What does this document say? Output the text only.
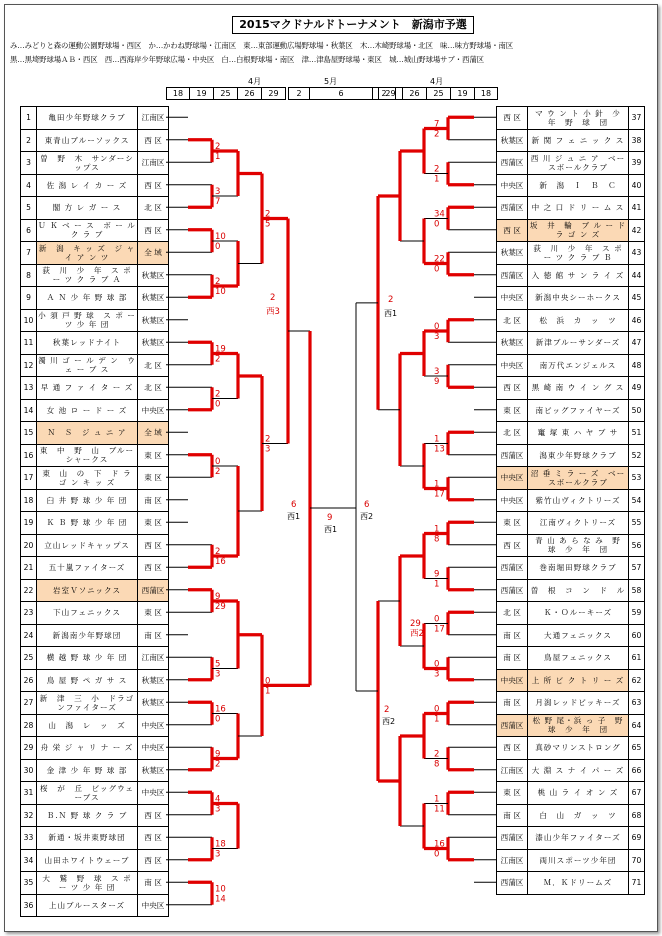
2015マクドナルドトーナメント　新潟市予選
み…みどりと森の運動公園野球場・西区　か…かわね野球場・江南区　東…東部運動広場野球場・秋葉区　木…木崎野球場・北区　味…味方野球場・南区
黒…黒埼野球場ＡＢ・西区　西…西海岸少年野球広場・中央区　白…白根野球場・南区　津…津島屋野球場・東区　城…城山野球場サブ・西蒲区
4月	5月	4月
18	19	25	26	29	2	6	2
29	26	25	19	18
1	亀田少年野球クラブ	江南区
2	東青山ブルーソックス	西 区
3	曽　野　木　サンダーシップス	江南区
4	佐 潟 レ イ カ ー ズ	西 区
5	閣 方 レ ガ ー ス	北 区
6	Ｕ Ｋ ベ ー ス　ボ ー ル ク ラ ブ	西 区
7	新　潟　キ ッ ズ　ジ ャ イ ア ン ツ	全 域
8	荻　川　少　年　ス ポ ー ツ ク ラ ブ Ａ	秋葉区
9	Ａ Ｎ 少 年 野 球 部	秋葉区
10	小 須 戸 野 球　ス ポ ー ツ 少 年 団	秋葉区
11	秋葉レッドナイト	秋葉区
12	濁 川 ゴ ー ル デ ン　ウ ェ ー ブ ス	北 区
13	早 通 フ ァ イ タ ー ズ	北 区
14	女 池 ロ ー ド ー ズ	中央区
15	Ｎ　Ｓ　ジ ュ ニ ア	全 域
16	東　中　野　山　ブルーシャークス	東 区
17	東　山　の　下　ド ラ ゴ ン キ ッ ズ	東 区
18	臼 井 野 球 少 年 団	南 区
19	Ｋ Ｂ 野 球 少 年 団	東 区
20	立山レッドキャップス	西 区
21	五十嵐ファイターズ	西 区
22	岩室Ｖソニックス	西蒲区
23	下山フェニックス	東 区
24	新潟南少年野球団	南 区
25	横 越 野 球 少 年 団	江南区
26	鳥 屋 野 ペ ガ サ ス	秋葉区
27	新　津　三　小　ドラゴンファイターズ	秋葉区
28	山　潟　レ　ッ　ズ	中央区
29	舟 栄 ジ ャ リ ナ ー ズ	中央区
30	金 津 少 年 野 球 部	秋葉区
31	桜　が　丘　ビッグウェーブス	中央区
32	Ｂ.Ｎ 野 球 ク ラ ブ	西 区
33	新通・坂井東野球団	西 区
34	山田ホワイトウェーブ	西 区
35	大　鷲　野　球　ス ポ ー ツ 少 年 団	南 区
36	上山ブルースターズ	中央区
西 区	マ ウ ン ト 小 針　少　年　野　球　団	37
秋葉区	新 関 フ ェ ニ ッ ク ス	38
西蒲区	西 川 ジ ュ ニ ア　ベースボールクラブ	39
中央区	新　潟　Ｉ　Ｂ　Ｃ	40
西蒲区	中 之 口 ド リ ー ム ス	41
西 区	坂　井　輪　ブ ル ー ド ラ ゴ ン ズ	42
秋葉区	荻　川　少　年　ス ポ ー ツ ク ラ ブ Ｂ	43
西蒲区	入 徳 館 サ ン ラ イ ズ	44
中央区	新潟中央シーホークス	45
北 区	松　浜　カ　ッ　ツ	46
秋葉区	新津ブルーサンダーズ	47
中央区	南万代エンジェルス	48
西 区	黒 崎 南 ウ イ ン グ ス	49
東 区	南ビッグファイヤーズ	50
北 区	竃 塚 東 ハ ヤ ブ サ	51
西蒲区	潟東少年野球クラブ	52
中央区	沼 垂 ミ ラ ー ズ　ベースボールクラブ	53
中央区	紫竹山ヴィクトリーズ	54
東 区	江南ヴィクトリーズ	55
西 区	青 山 あ ら な み　野　球　少　年　団	56
西蒲区	巻南堀田野球クラブ	57
西蒲区	曽　根　コ　ン　ド　ル	58
北 区	Ｋ・Ｏルーキーズ	59
南 区	大通フェニックス	60
南 区	鳥屋フェニックス	61
中央区	上 所 ビ ク ト リ ー ズ	62
南 区	月潟レッドビッキーズ	63
西蒲区	松 野 尾・浜 っ 子　野　球　少　年　団	64
西 区	真砂マリンストロング	65
江南区	大 淵 ス ナ イ パ ー ズ	66
東 区	桃 山 ラ イ オ ン ズ	67
南 区	白　山　ガ　ッ　ツ	68
西蒲区	漆山少年ファイターズ	69
江南区	両川スポーツ少年団	70
西蒲区	Ｍ．Ｋドリームズ	71
2
1
3
7
10
0
2
10
19
2
2
0
0
2
2
16
9
29
5
3
16
0
9
2
4
3
18
3
10
14
2
5
2
3
0
1
2
西3
6
西1
7
2
2
1
34
0
22
0
0
3
3
9
1
13
1
17
1
8
9
1
0
17
0
3
0
1
2
8
1
11
16
0
2
西1
2
西2
29
西2
6
西2
9
西1
